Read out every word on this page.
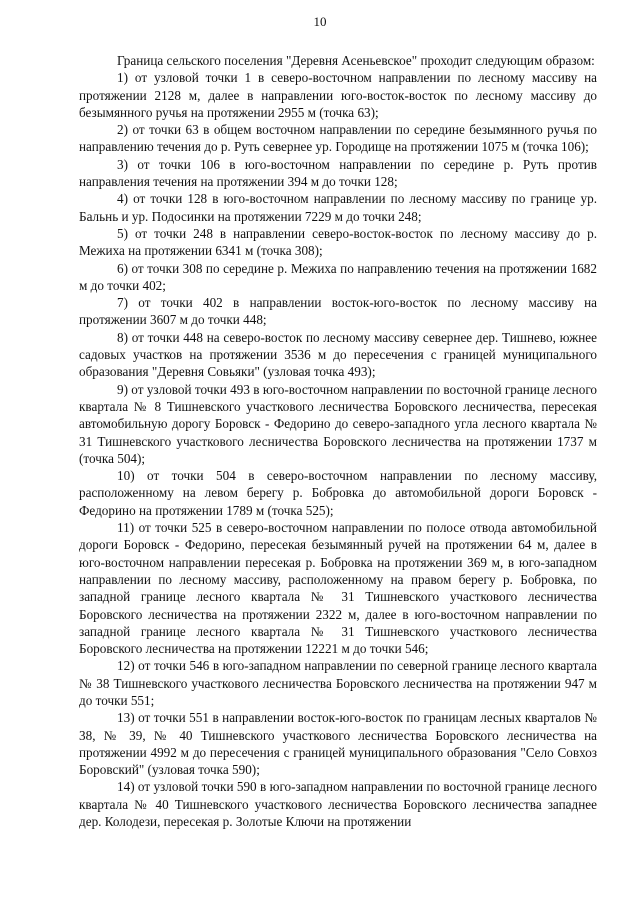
10

Граница сельского поселения "Деревня Асеньевское" проходит следующим образом:

1) от узловой точки 1 в северо-восточном направлении по лесному массиву на протяжении 2128 м, далее в направлении юго-восток-восток по лесному массиву до безымянного ручья на протяжении 2955 м (точка 63);

2) от точки 63 в общем восточном направлении по середине безымянного ручья по направлению течения до р. Руть севернее ур. Городище на протяжении 1075 м (точка 106);

3) от точки 106 в юго-восточном направлении по середине р. Руть против направления течения на протяжении 394 м до точки 128;

4) от точки 128 в юго-восточном направлении по лесному массиву по границе ур. Бальнь и ур. Подосинки на протяжении 7229 м до точки 248;

5) от точки 248 в направлении северо-восток-восток по лесному массиву до р. Межиха на протяжении 6341 м (точка 308);

6) от точки 308 по середине р. Межиха по направлению течения на протяжении 1682 м до точки 402;

7) от точки 402 в направлении восток-юго-восток по лесному массиву на протяжении 3607 м до точки 448;

8) от точки 448 на северо-восток по лесному массиву севернее дер. Тишнево, южнее садовых участков на протяжении 3536 м до пересечения с границей муниципального образования "Деревня Совьяки" (узловая точка 493);

9) от узловой точки 493 в юго-восточном направлении по восточной границе лесного квартала № 8 Тишневского участкового лесничества Боровского лесничества, пересекая автомобильную дорогу Боровск - Федорино до северо-западного угла лесного квартала № 31 Тишневского участкового лесничества Боровского лесничества на протяжении 1737 м (точка 504);

10) от точки 504 в северо-восточном направлении по лесному массиву, расположенному на левом берегу р. Бобровка до автомобильной дороги Боровск - Федорино на протяжении 1789 м (точка 525);

11) от точки 525 в северо-восточном направлении по полосе отвода автомобильной дороги Боровск - Федорино, пересекая безымянный ручей на протяжении 64 м, далее в юго-восточном направлении пересекая р. Бобровка на протяжении 369 м, в юго-западном направлении по лесному массиву, расположенному на правом берегу р. Бобровка, по западной границе лесного квартала № 31 Тишневского участкового лесничества Боровского лесничества на протяжении 2322 м, далее в юго-восточном направлении по западной границе лесного квартала № 31 Тишневского участкового лесничества Боровского лесничества на протяжении 12221 м до точки 546;

12) от точки 546 в юго-западном направлении по северной границе лесного квартала № 38 Тишневского участкового лесничества Боровского лесничества на протяжении 947 м до точки 551;

13) от точки 551 в направлении восток-юго-восток по границам лесных кварталов № 38, № 39, № 40 Тишневского участкового лесничества Боровского лесничества на протяжении 4992 м до пересечения с границей муниципального образования "Село Совхоз Боровский" (узловая точка 590);

14) от узловой точки 590 в юго-западном направлении по восточной границе лесного квартала № 40 Тишневского участкового лесничества Боровского лесничества западнее дер. Колодези, пересекая р. Золотые Ключи на протяжении
